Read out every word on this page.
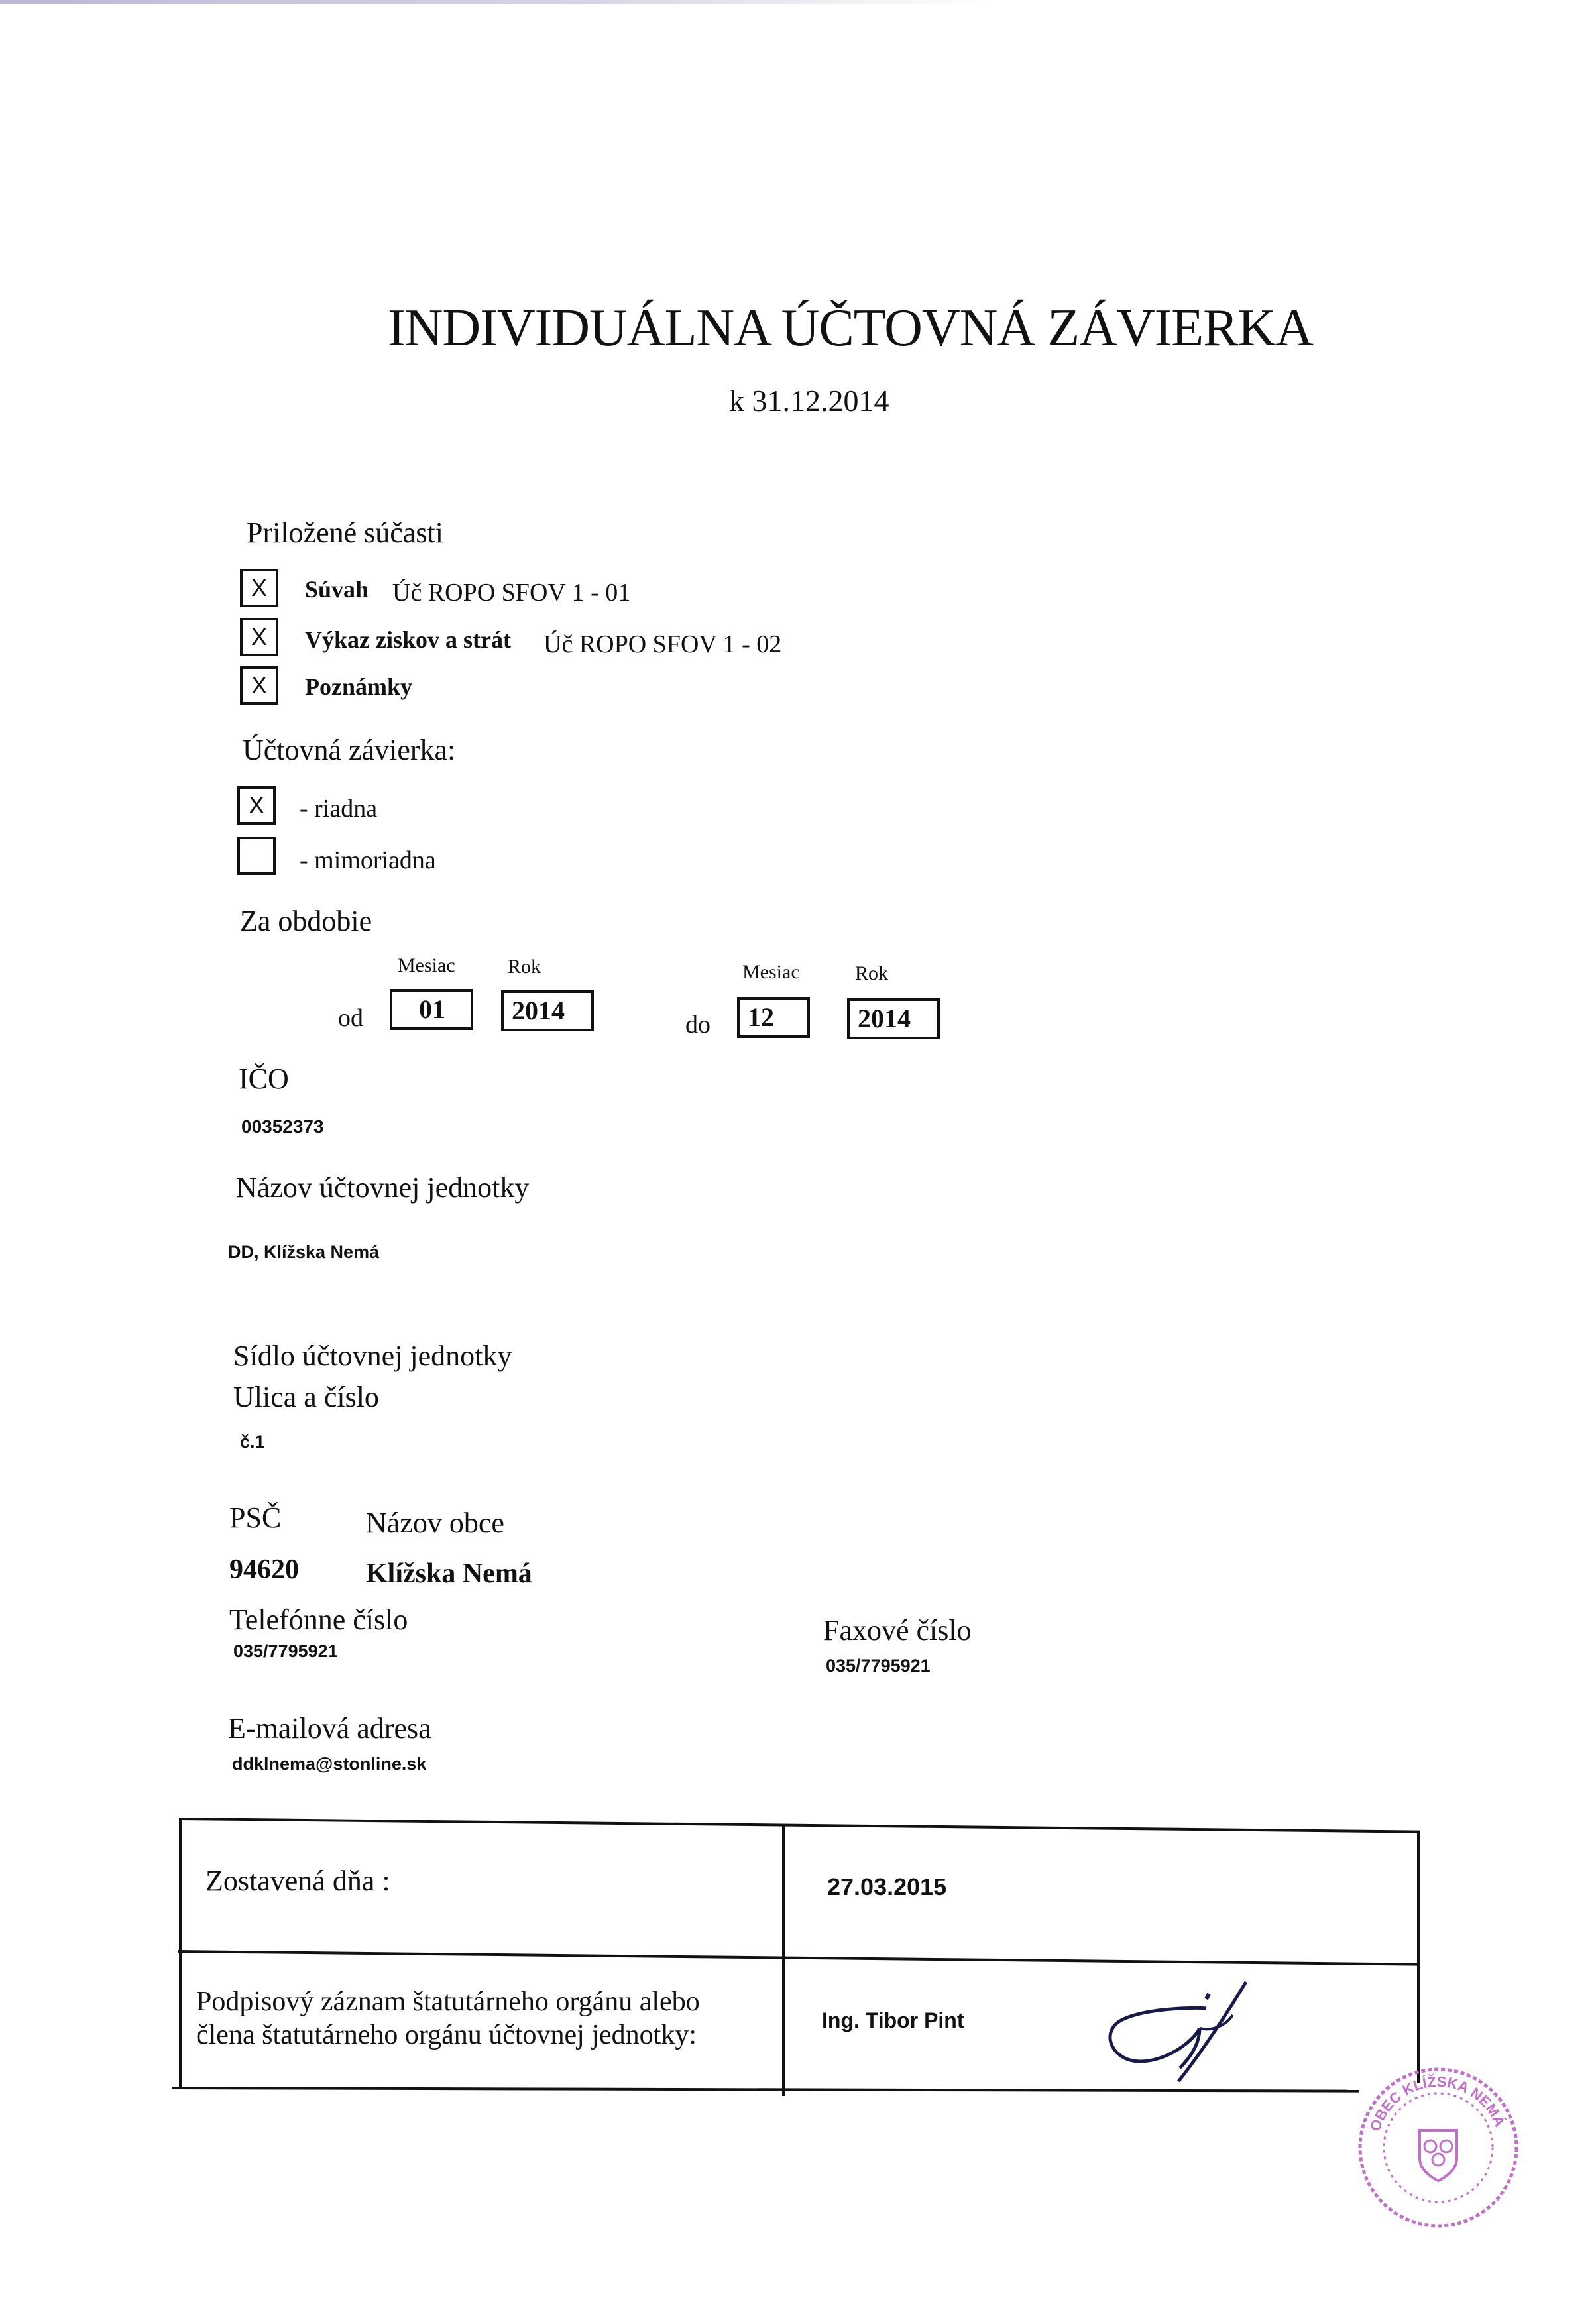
INDIVIDUÁLNA ÚČTOVNÁ ZÁVIERKA
k 31.12.2014
Priložené súčasti
X	Súvah Úč ROPO SFOV 1 - 01
X	Výkaz ziskov a strát Úč ROPO SFOV 1 - 02
X	Poznámky
Účtovná závierka:
X	- riadna
- mimoriadna
Za obdobie
Mesiac	Rok
od	01	2014
Mesiac	Rok
do	12	2014
IČO
00352373
Názov účtovnej jednotky
DD, Klížska Nemá
Sídlo účtovnej jednotky
Ulica a číslo
č.1
PSČ	Názov obce
94620 Klížska Nemá
Telefónne číslo
035/7795921
Faxové číslo
035/7795921
E-mailová adresa
ddklnema@stonline.sk
Zostavená dňa :	27.03.2015
Podpisový záznam štatutárneho orgánu alebo
člena štatutárneho orgánu účtovnej jednotky:	Ing. Tibor Pint
OBEC KLÍŽSKA NEMÁ
